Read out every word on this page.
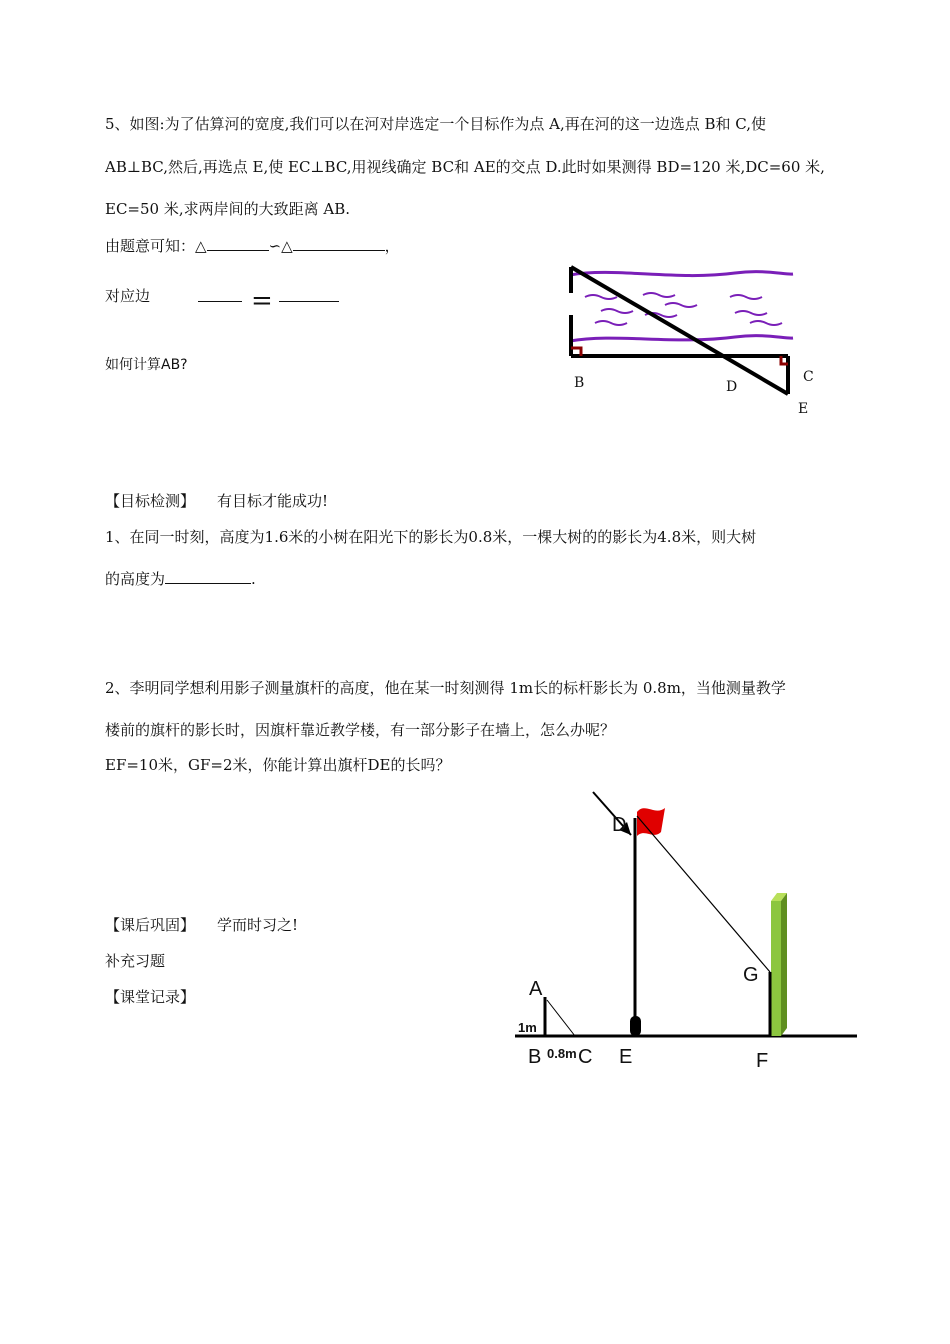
5、如图:为了估算河的宽度,我们可以在河对岸选定一个目标作为点 A,再在河的这一边选点 B和 C,使
AB⊥BC,然后,再选点 E,使 EC⊥BC,用视线确定 BC和 AE的交点 D.此时如果测得 BD=120 米,DC=60 米,
EC=50 米,求两岸间的大致距离 AB.
由题意可知：△	∽△	，
对应边	=
如何计算AB?
B	D
C
E
【目标检测】 有目标才能成功!
1、在同一时刻，高度为1.6米的小树在阳光下的影长为0.8米，一棵大树的的影长为4.8米，则大树
的高度为	.
2、李明同学想利用影子测量旗杆的高度，他在某一时刻测得 1m长的标杆影长为 0.8m，当他测量教学
楼前的旗杆的影长时，因旗杆靠近教学楼，有一部分影子在墙上，怎么办呢？
EF=10米，GF=2米，你能计算出旗杆DE的长吗？
D
G
A
1m
B 0.8m C E	F
【课后巩固】 学而时习之!
补充习题
【课堂记录】
